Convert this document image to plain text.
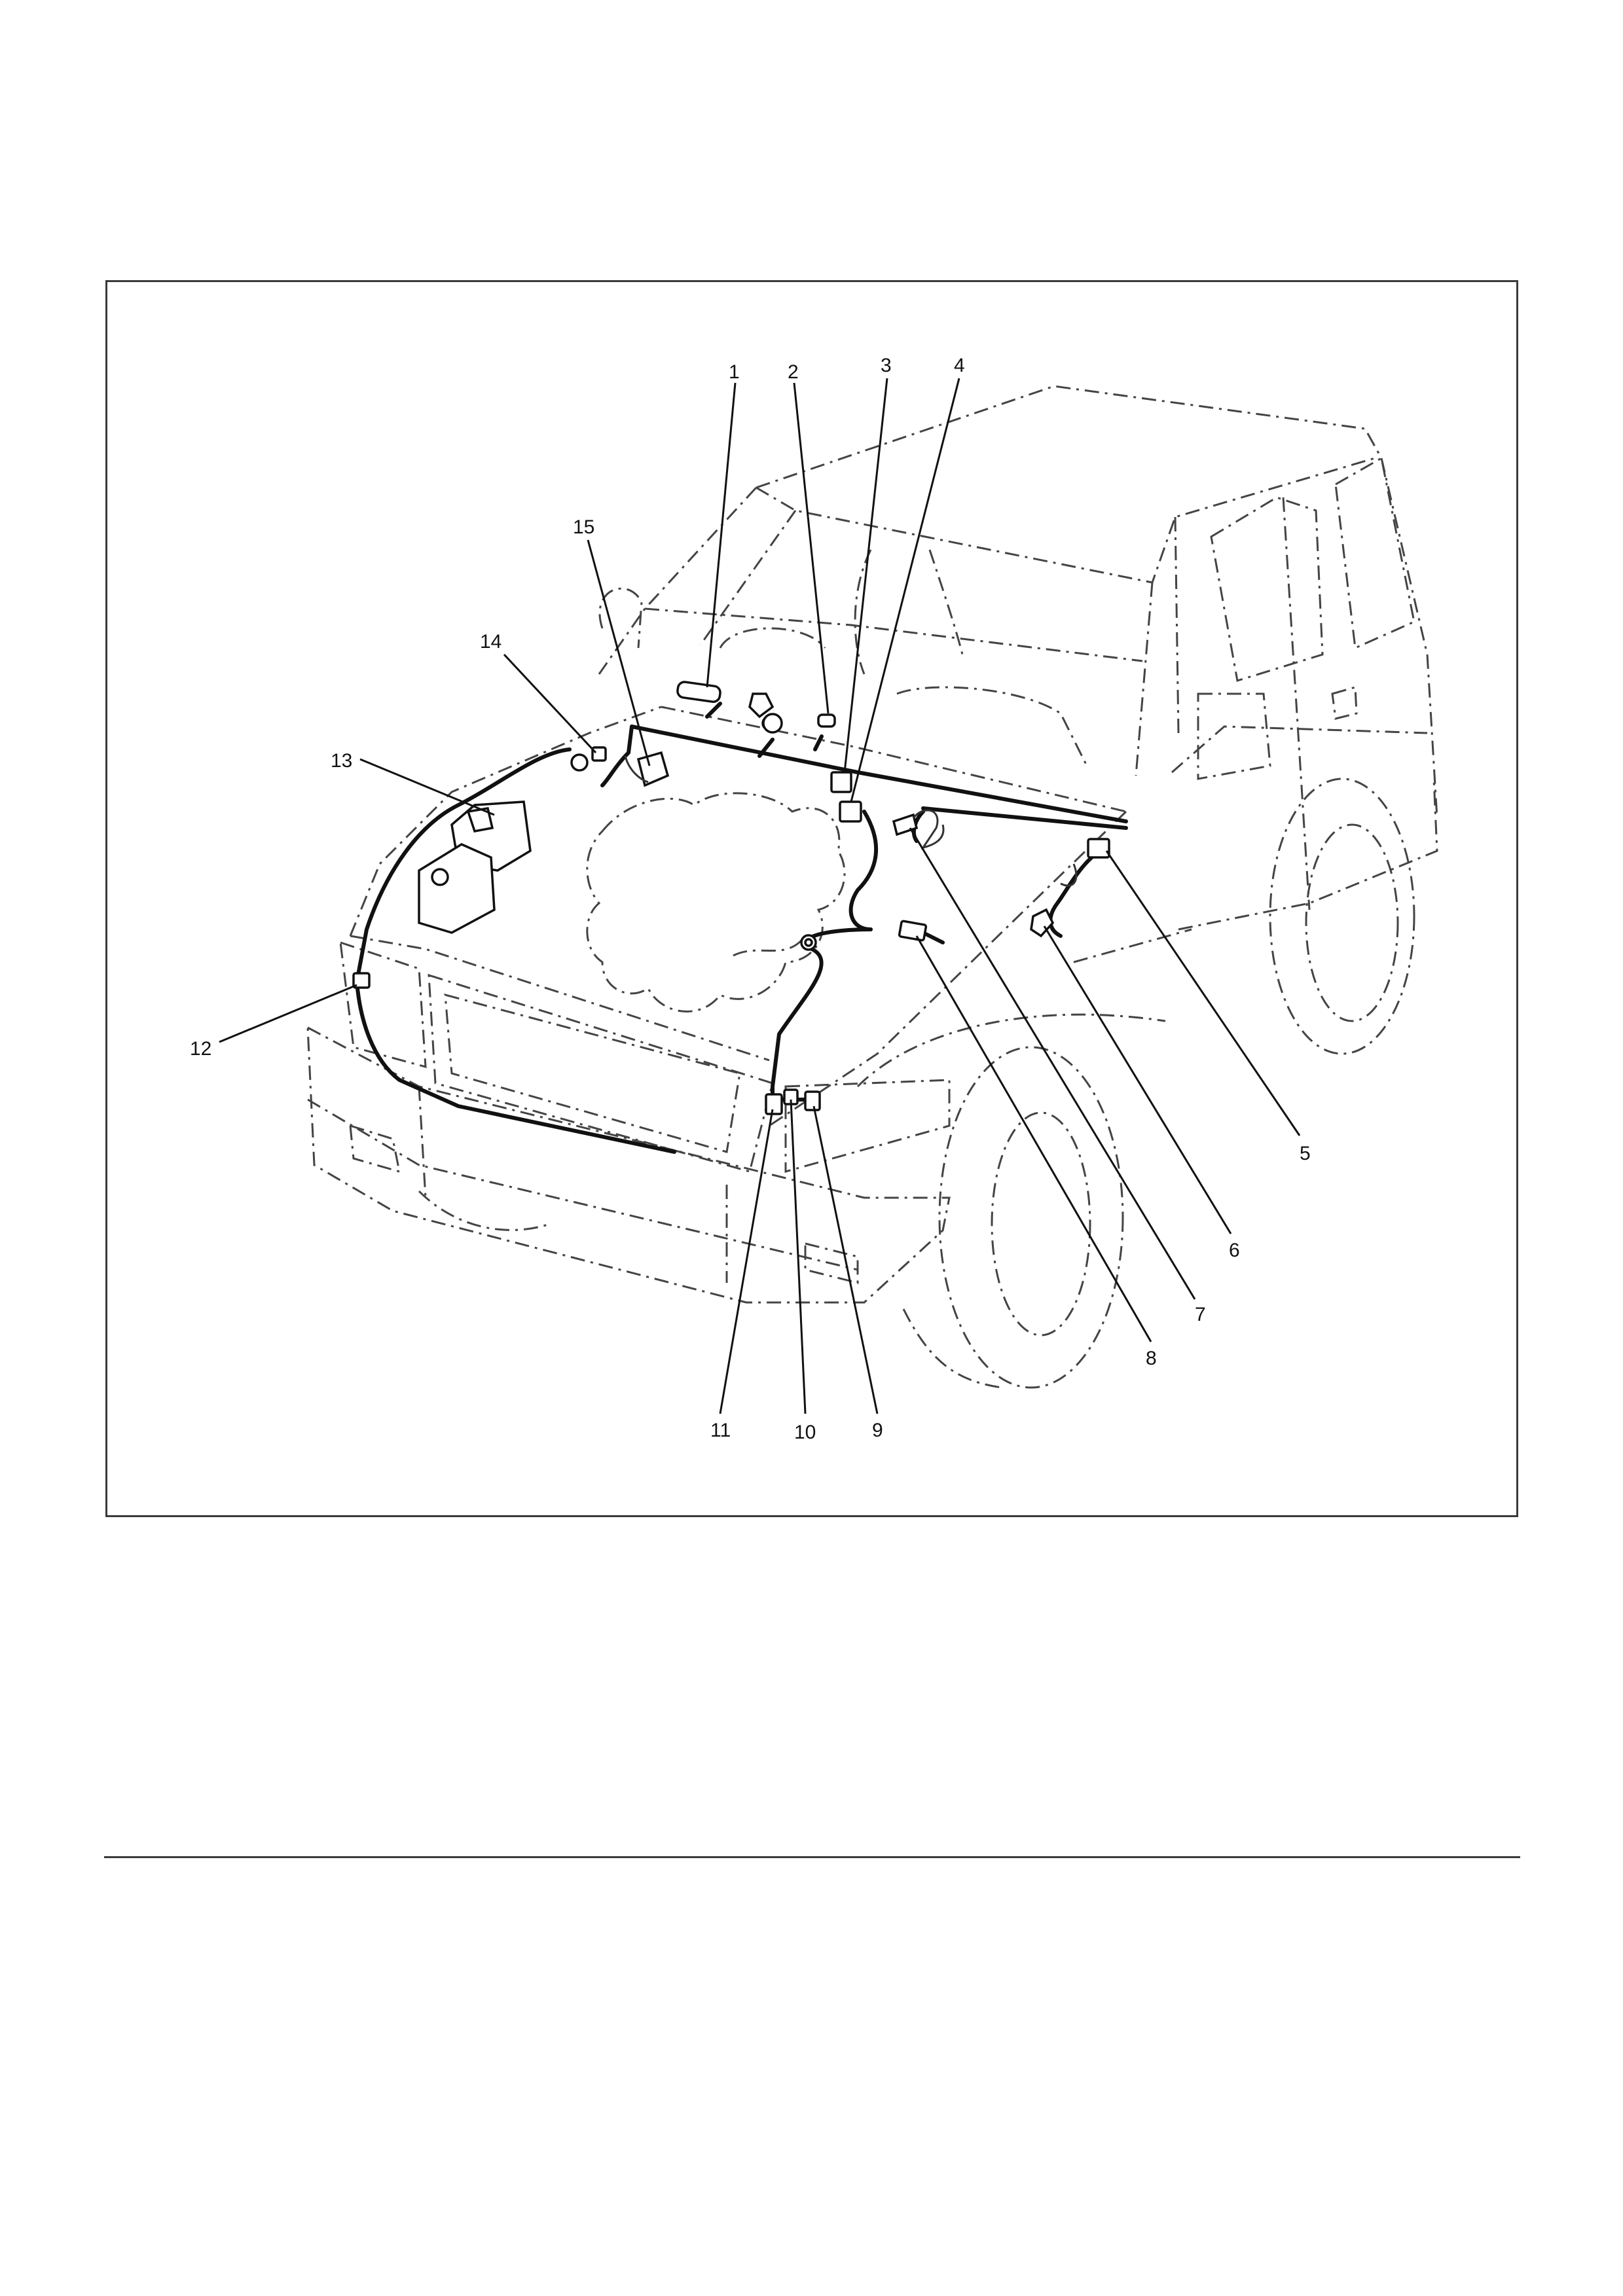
1 2	3	4
5
6
7
8
9
10
11
12
13
14
15
